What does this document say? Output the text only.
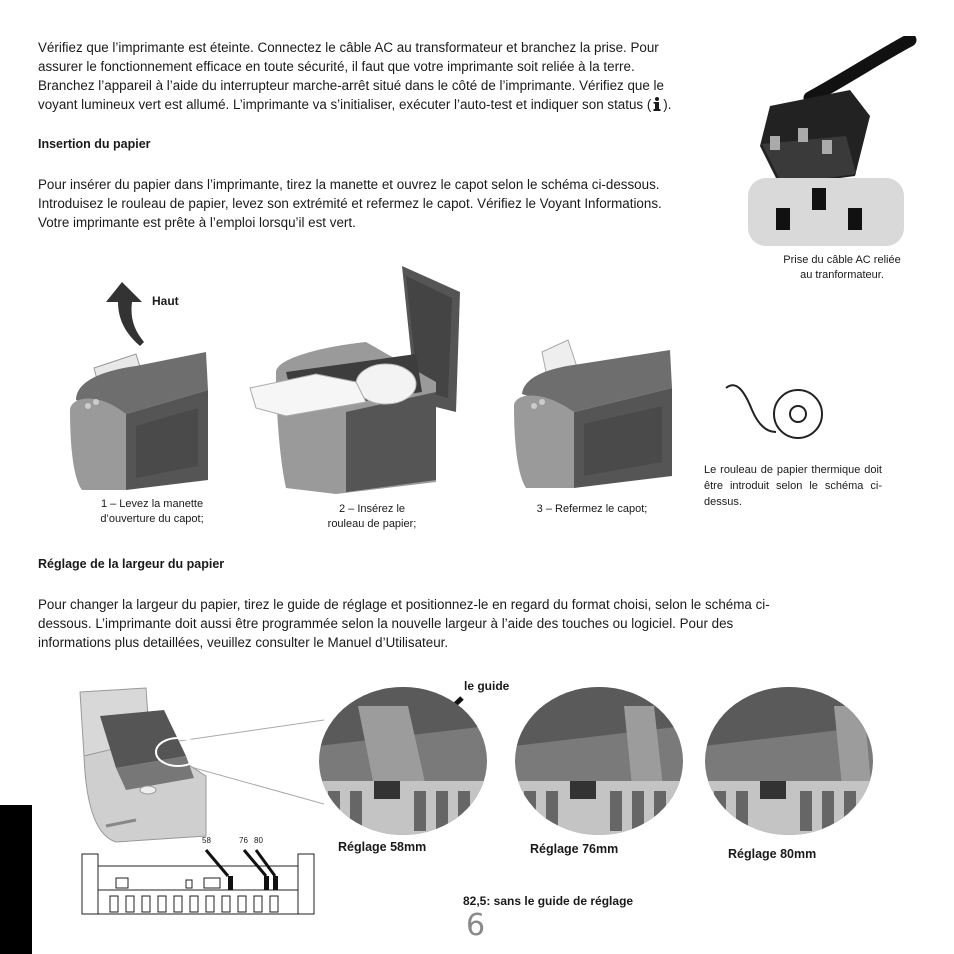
Vérifiez que l’imprimante est éteinte. Connectez le câble AC au transformateur et branchez la prise. Pour

assurer le fonctionnement efficace en toute sécurité, il faut que votre imprimante soit reliée à la terre.

Branchez l’appareil à l’aide du interrupteur marche-arrêt situé dans le côté de l’imprimante. Vérifiez que le

voyant lumineux vert est allumé. L’imprimante va s’initialiser, exécuter l’auto-test et indiquer son status ( ).

Prise du câble AC reliée
au tranformateur.
Insertion du papier

Pour insérer du papier dans l’imprimante, tirez la manette et ouvrez le capot selon le schéma ci-dessous.

Introduisez le rouleau de papier, levez son extrémité et refermez le capot. Vérifiez le Voyant Informations.

Votre imprimante est prête à l’emploi lorsqu’il est vert.

Haut
1 – Levez la manette
d’ouverture du capot;
2 – Insérez le
rouleau de papier;
3 – Refermez le capot;
Le rouleau de papier thermique doit être introduit selon le schéma ci-dessus.
Réglage de la largeur du papier

Pour changer la largeur du papier, tirez le guide de réglage et positionnez-le en regard du format choisi, selon le schéma ci-

dessous. L’imprimante doit aussi être programmée selon la nouvelle largeur à l’aide des touches ou logiciel. Pour des

informations plus detaillées, veuillez consulter le Manuel d’Utilisateur.

le guide
Réglage 58mm	Réglage 76mm	Réglage 80mm
58	76 80
82,5: sans le guide de réglage
6
